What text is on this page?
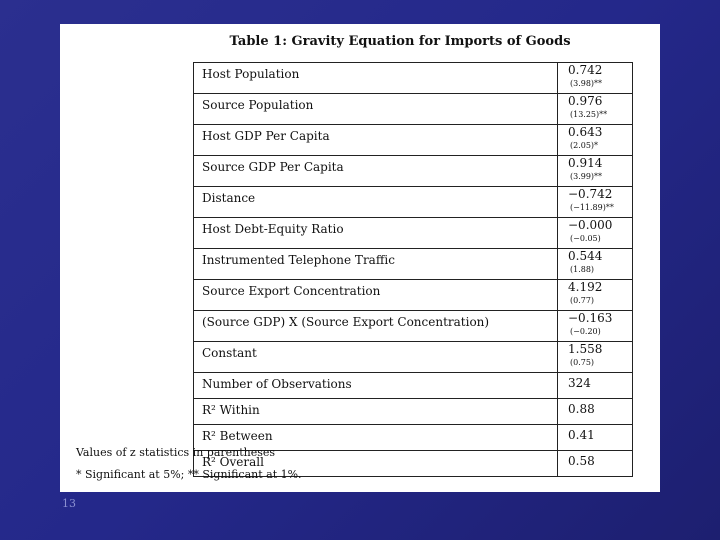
Table 1: Gravity Equation for Imports of Goods
Host Population	0.742
(3.98)**

Source Population	0.976
(13.25)**

Host GDP Per Capita	0.643
(2.05)*

Source GDP Per Capita	0.914
(3.99)**

Distance	−0.742
(−11.89)**

Host Debt-Equity Ratio	−0.000
(−0.05)

Instrumented Telephone Traffic	0.544
(1.88)

Source Export Concentration	4.192
(0.77)

(Source GDP) X (Source Export Concentration)	−0.163
(−0.20)

Constant	1.558
(0.75)

Number of Observations	324

R² Within	0.88

R² Between	0.41

R² Overall	0.58
Values of z statistics in parentheses
* Significant at 5%; ** Significant at 1%.
13
